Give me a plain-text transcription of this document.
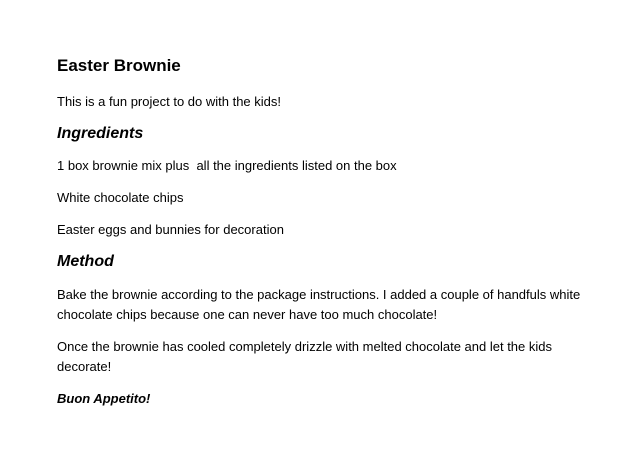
Easter Brownie

This is a fun project to do with the kids!

Ingredients

1 box brownie mix plus  all the ingredients listed on the box

White chocolate chips

Easter eggs and bunnies for decoration

Method

Bake the brownie according to the package instructions. I added a couple of handfuls white chocolate chips because one can never have too much chocolate!

Once the brownie has cooled completely drizzle with melted chocolate and let the kids decorate!

Buon Appetito!
